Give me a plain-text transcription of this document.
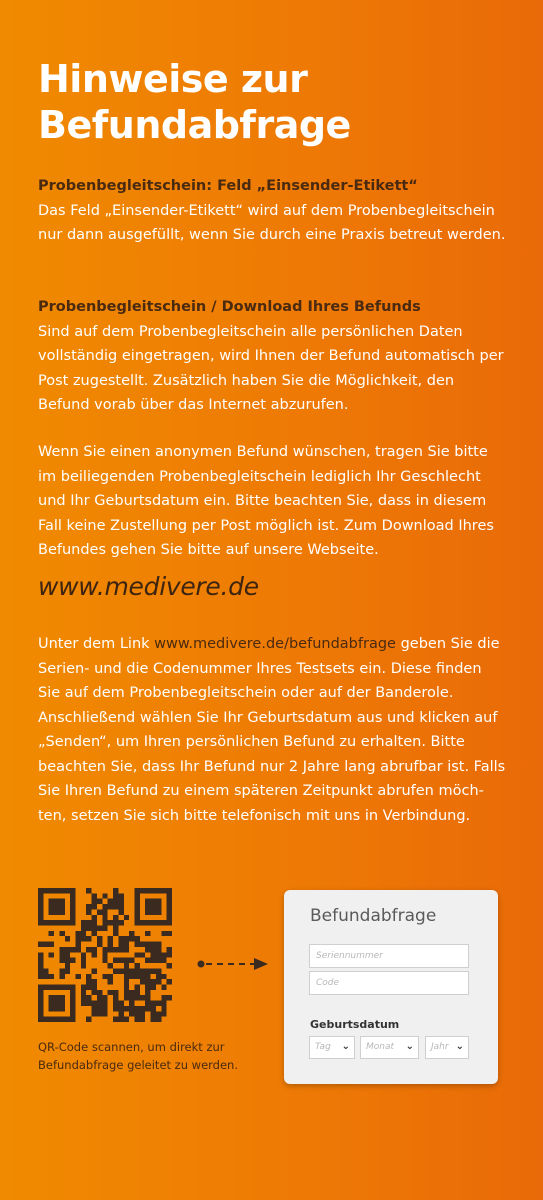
Hinweise zur
Befundabfrage
Probenbegleitschein: Feld „Einsender-Etikett“
Das Feld „Einsender-Etikett“ wird auf dem Probenbegleitschein nur dann ausgefüllt, wenn Sie durch eine Praxis betreut werden.
Probenbegleitschein / Download Ihres Befunds
Sind auf dem Probenbegleitschein alle persönlichen Daten vollständig eingetragen, wird Ihnen der Befund automatisch per Post zugestellt. Zusätzlich haben Sie die Möglichkeit, den Befund vorab über das Internet abzurufen.
Wenn Sie einen anonymen Befund wünschen, tragen Sie bitte im beiliegenden Probenbegleitschein lediglich Ihr Geschlecht und Ihr Geburtsdatum ein. Bitte beachten Sie, dass in diesem Fall keine Zustellung per Post möglich ist. Zum Download Ihres Befundes gehen Sie bitte auf unsere Webseite.
www.medivere.de
Unter dem Link www.medivere.de/befundabfrage geben Sie die Serien- und die Codenummer Ihres Testsets ein. Diese finden Sie auf dem Probenbegleitschein oder auf der Banderole. Anschließend wählen Sie Ihr Geburtsdatum aus und klicken auf „Senden“, um Ihren persönlichen Befund zu erhalten. Bitte beachten Sie, dass Ihr Befund nur 2 Jahre lang abrufbar ist. Falls Sie Ihren Befund zu einem späteren Zeitpunkt abrufen möch-ten, setzen Sie sich bitte telefonisch mit uns in Verbindung.
QR-Code scannen, um direkt zur Befundabfrage geleitet zu werden.
Befundabfrage
Seriennummer
Code
Geburtsdatum
Tag ⌄	Monat ⌄	Jahr ⌄
